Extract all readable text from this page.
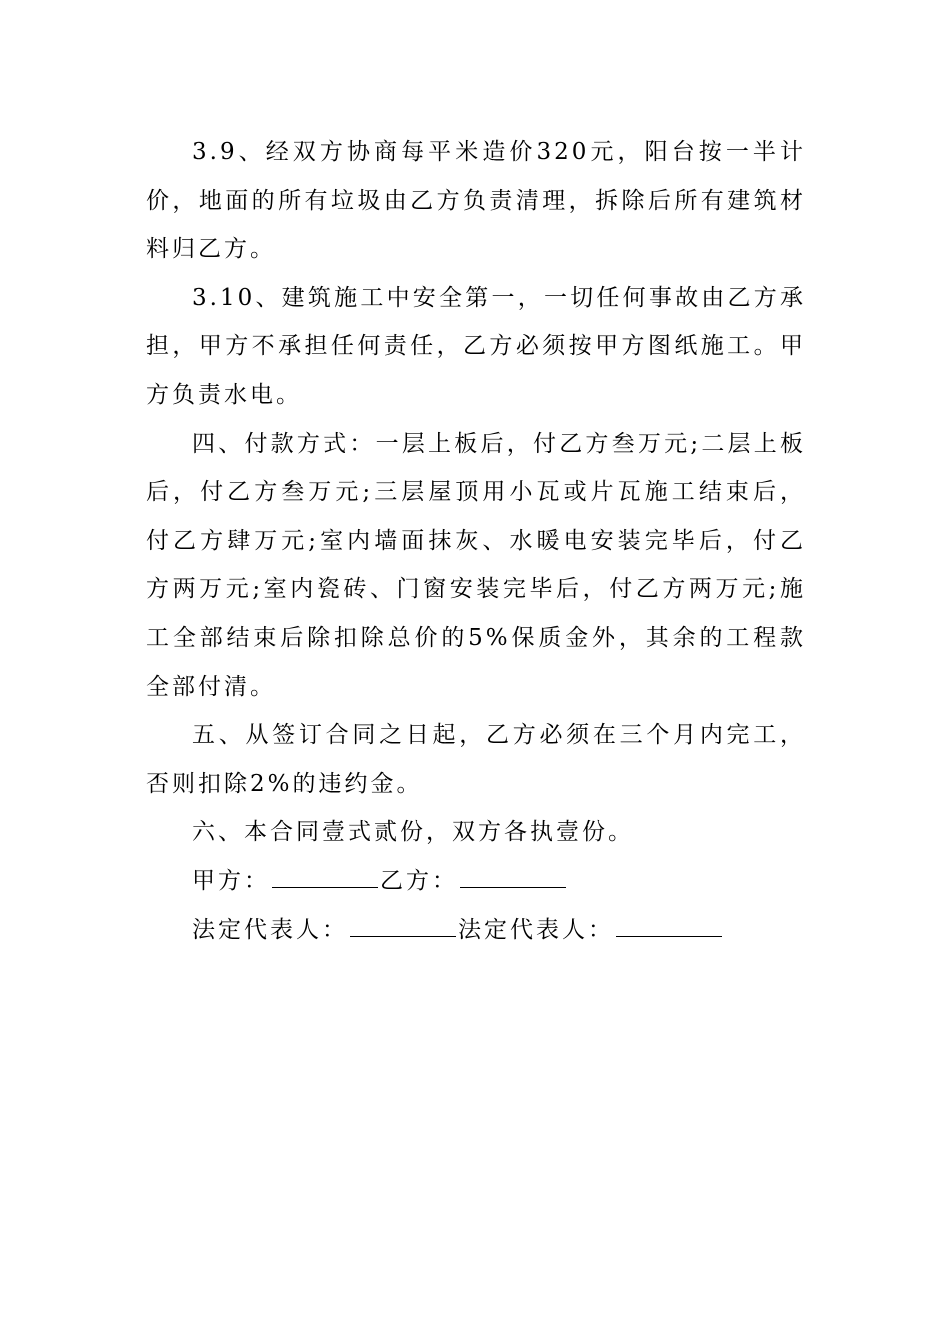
3.9、经双方协商每平米造价320元，阳台按一半计价，地面的所有垃圾由乙方负责清理，拆除后所有建筑材料归乙方。

3.10、建筑施工中安全第一，一切任何事故由乙方承担，甲方不承担任何责任，乙方必须按甲方图纸施工。甲方负责水电。

四、付款方式：一层上板后，付乙方叁万元;二层上板后，付乙方叁万元;三层屋顶用小瓦或片瓦施工结束后，付乙方肆万元;室内墙面抹灰、水暖电安装完毕后，付乙方两万元;室内瓷砖、门窗安装完毕后，付乙方两万元;施工全部结束后除扣除总价的5%保质金外，其余的工程款全部付清。

五、从签订合同之日起，乙方必须在三个月内完工，否则扣除2%的违约金。

六、本合同壹式贰份，双方各执壹份。

甲方：	乙方：

法定代表人：	法定代表人：
